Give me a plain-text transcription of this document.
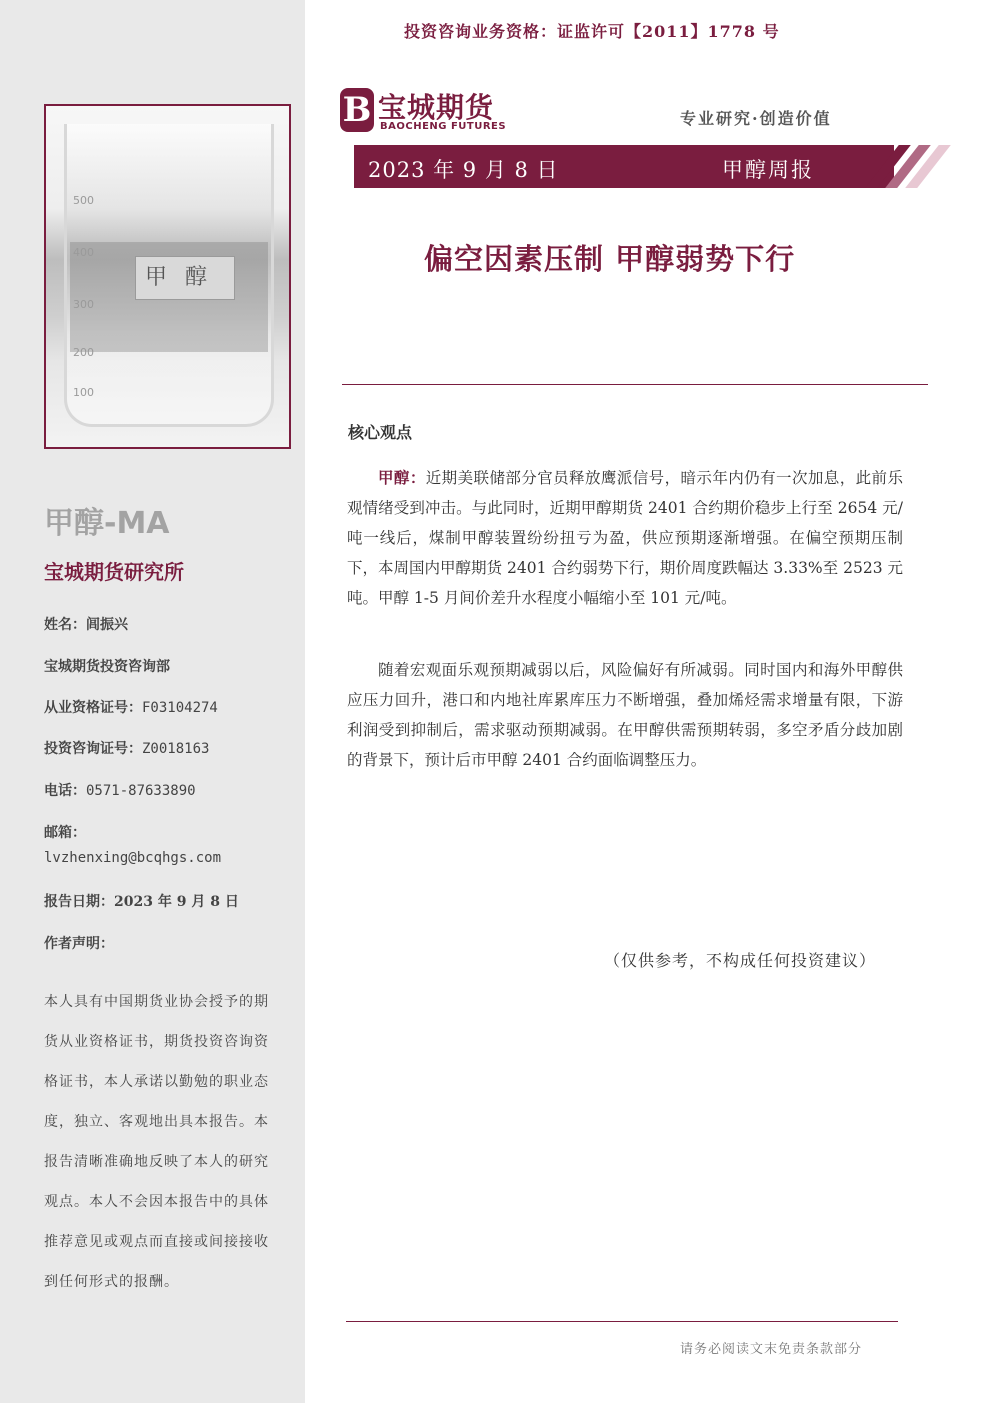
500
400
300
200
100
甲醇
甲醇-MA
宝城期货研究所
姓名：闾振兴
宝城期货投资咨询部
从业资格证号：F03104274
投资咨询证号：Z0018163
电话：0571-87633890
邮箱：
lvzhenxing@bcqhgs.com
报告日期：2023 年 9 月 8 日
作者声明：
本人具有中国期货业协会授予的期货从业资格证书，期货投资咨询资格证书，本人承诺以勤勉的职业态度，独立、客观地出具本报告。本报告清晰准确地反映了本人的研究观点。本人不会因本报告中的具体推荐意见或观点而直接或间接接收到任何形式的报酬。
投资咨询业务资格：证监许可【2011】1778 号
B 宝城期货
BAOCHENG FUTURES	专业研究·创造价值
2023 年 9 月 8 日	甲醇周报
偏空因素压制 甲醇弱势下行
核心观点
甲醇：近期美联储部分官员释放鹰派信号，暗示年内仍有一次加息，此前乐观情绪受到冲击。与此同时，近期甲醇期货 2401 合约期价稳步上行至 2654 元/吨一线后，煤制甲醇装置纷纷扭亏为盈，供应预期逐渐增强。在偏空预期压制下，本周国内甲醇期货 2401 合约弱势下行，期价周度跌幅达 3.33%至 2523 元吨。甲醇 1-5 月间价差升水程度小幅缩小至 101 元/吨。
随着宏观面乐观预期减弱以后，风险偏好有所减弱。同时国内和海外甲醇供应压力回升，港口和内地社库累库压力不断增强，叠加烯烃需求增量有限，下游利润受到抑制后，需求驱动预期减弱。在甲醇供需预期转弱，多空矛盾分歧加剧的背景下，预计后市甲醇 2401 合约面临调整压力。
（仅供参考，不构成任何投资建议）
请务必阅读文末免责条款部分
